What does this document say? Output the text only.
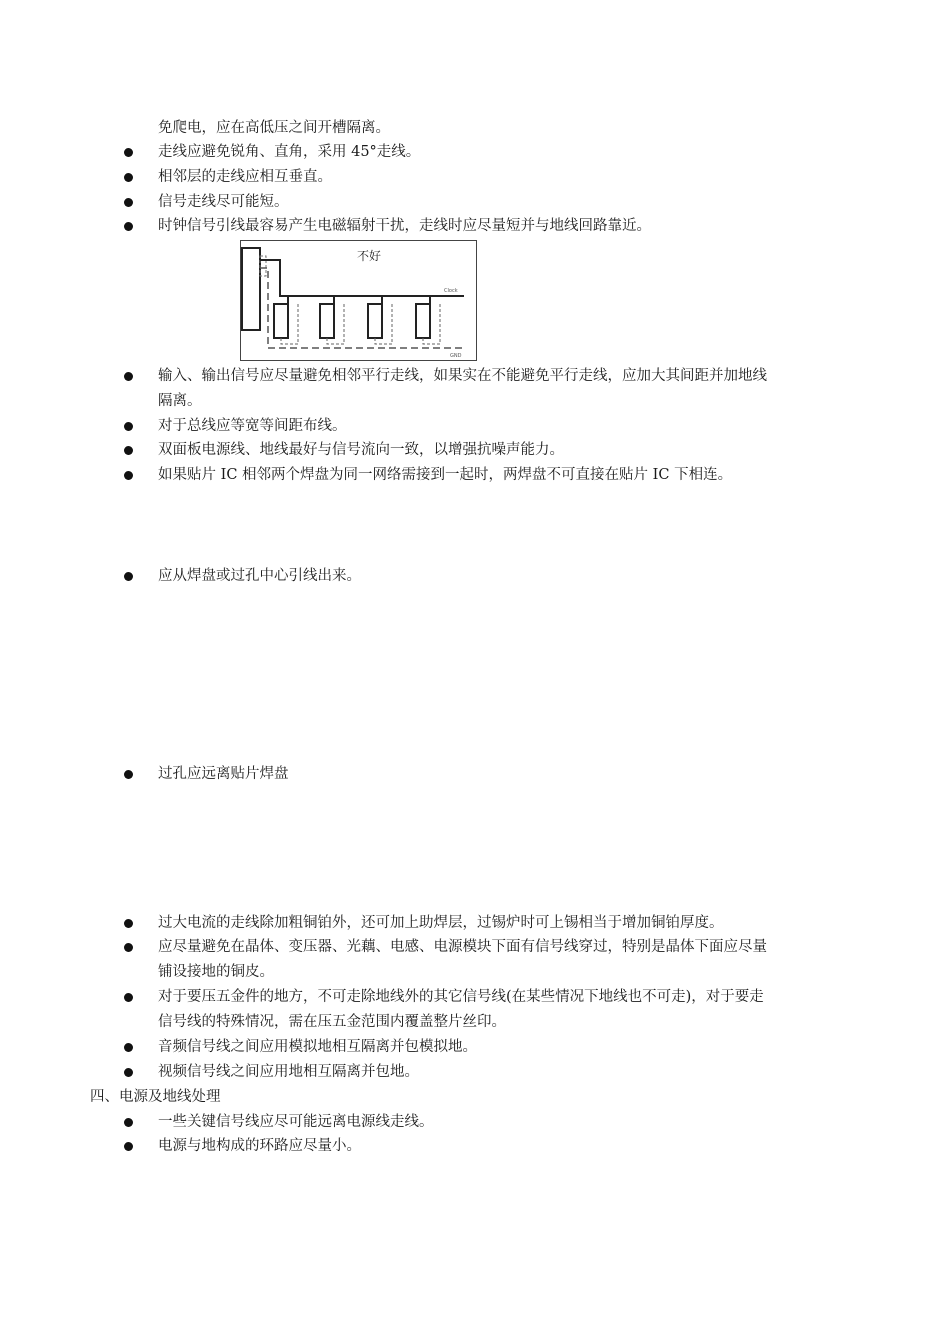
免爬电，应在高低压之间开槽隔离。
走线应避免锐角、直角，采用 45°走线。
相邻层的走线应相互垂直。
信号走线尽可能短。
时钟信号引线最容易产生电磁辐射干扰，走线时应尽量短并与地线回路靠近。
不好
Clock
GND
输入、输出信号应尽量避免相邻平行走线，如果实在不能避免平行走线，应加大其间距并加地线
隔离。
对于总线应等宽等间距布线。
双面板电源线、地线最好与信号流向一致，以增强抗噪声能力。
如果贴片 IC 相邻两个焊盘为同一网络需接到一起时，两焊盘不可直接在贴片 IC 下相连。
应从焊盘或过孔中心引线出来。
过孔应远离贴片焊盘
过大电流的走线除加粗铜铂外，还可加上助焊层，过锡炉时可上锡相当于增加铜铂厚度。
应尽量避免在晶体、变压器、光藕、电感、电源模块下面有信号线穿过，特别是晶体下面应尽量
铺设接地的铜皮。
对于要压五金件的地方，不可走除地线外的其它信号线(在某些情况下地线也不可走)，对于要走
信号线的特殊情况，需在压五金范围内覆盖整片丝印。
音频信号线之间应用模拟地相互隔离并包模拟地。
视频信号线之间应用地相互隔离并包地。
四、电源及地线处理
一些关键信号线应尽可能远离电源线走线。
电源与地构成的环路应尽量小。
